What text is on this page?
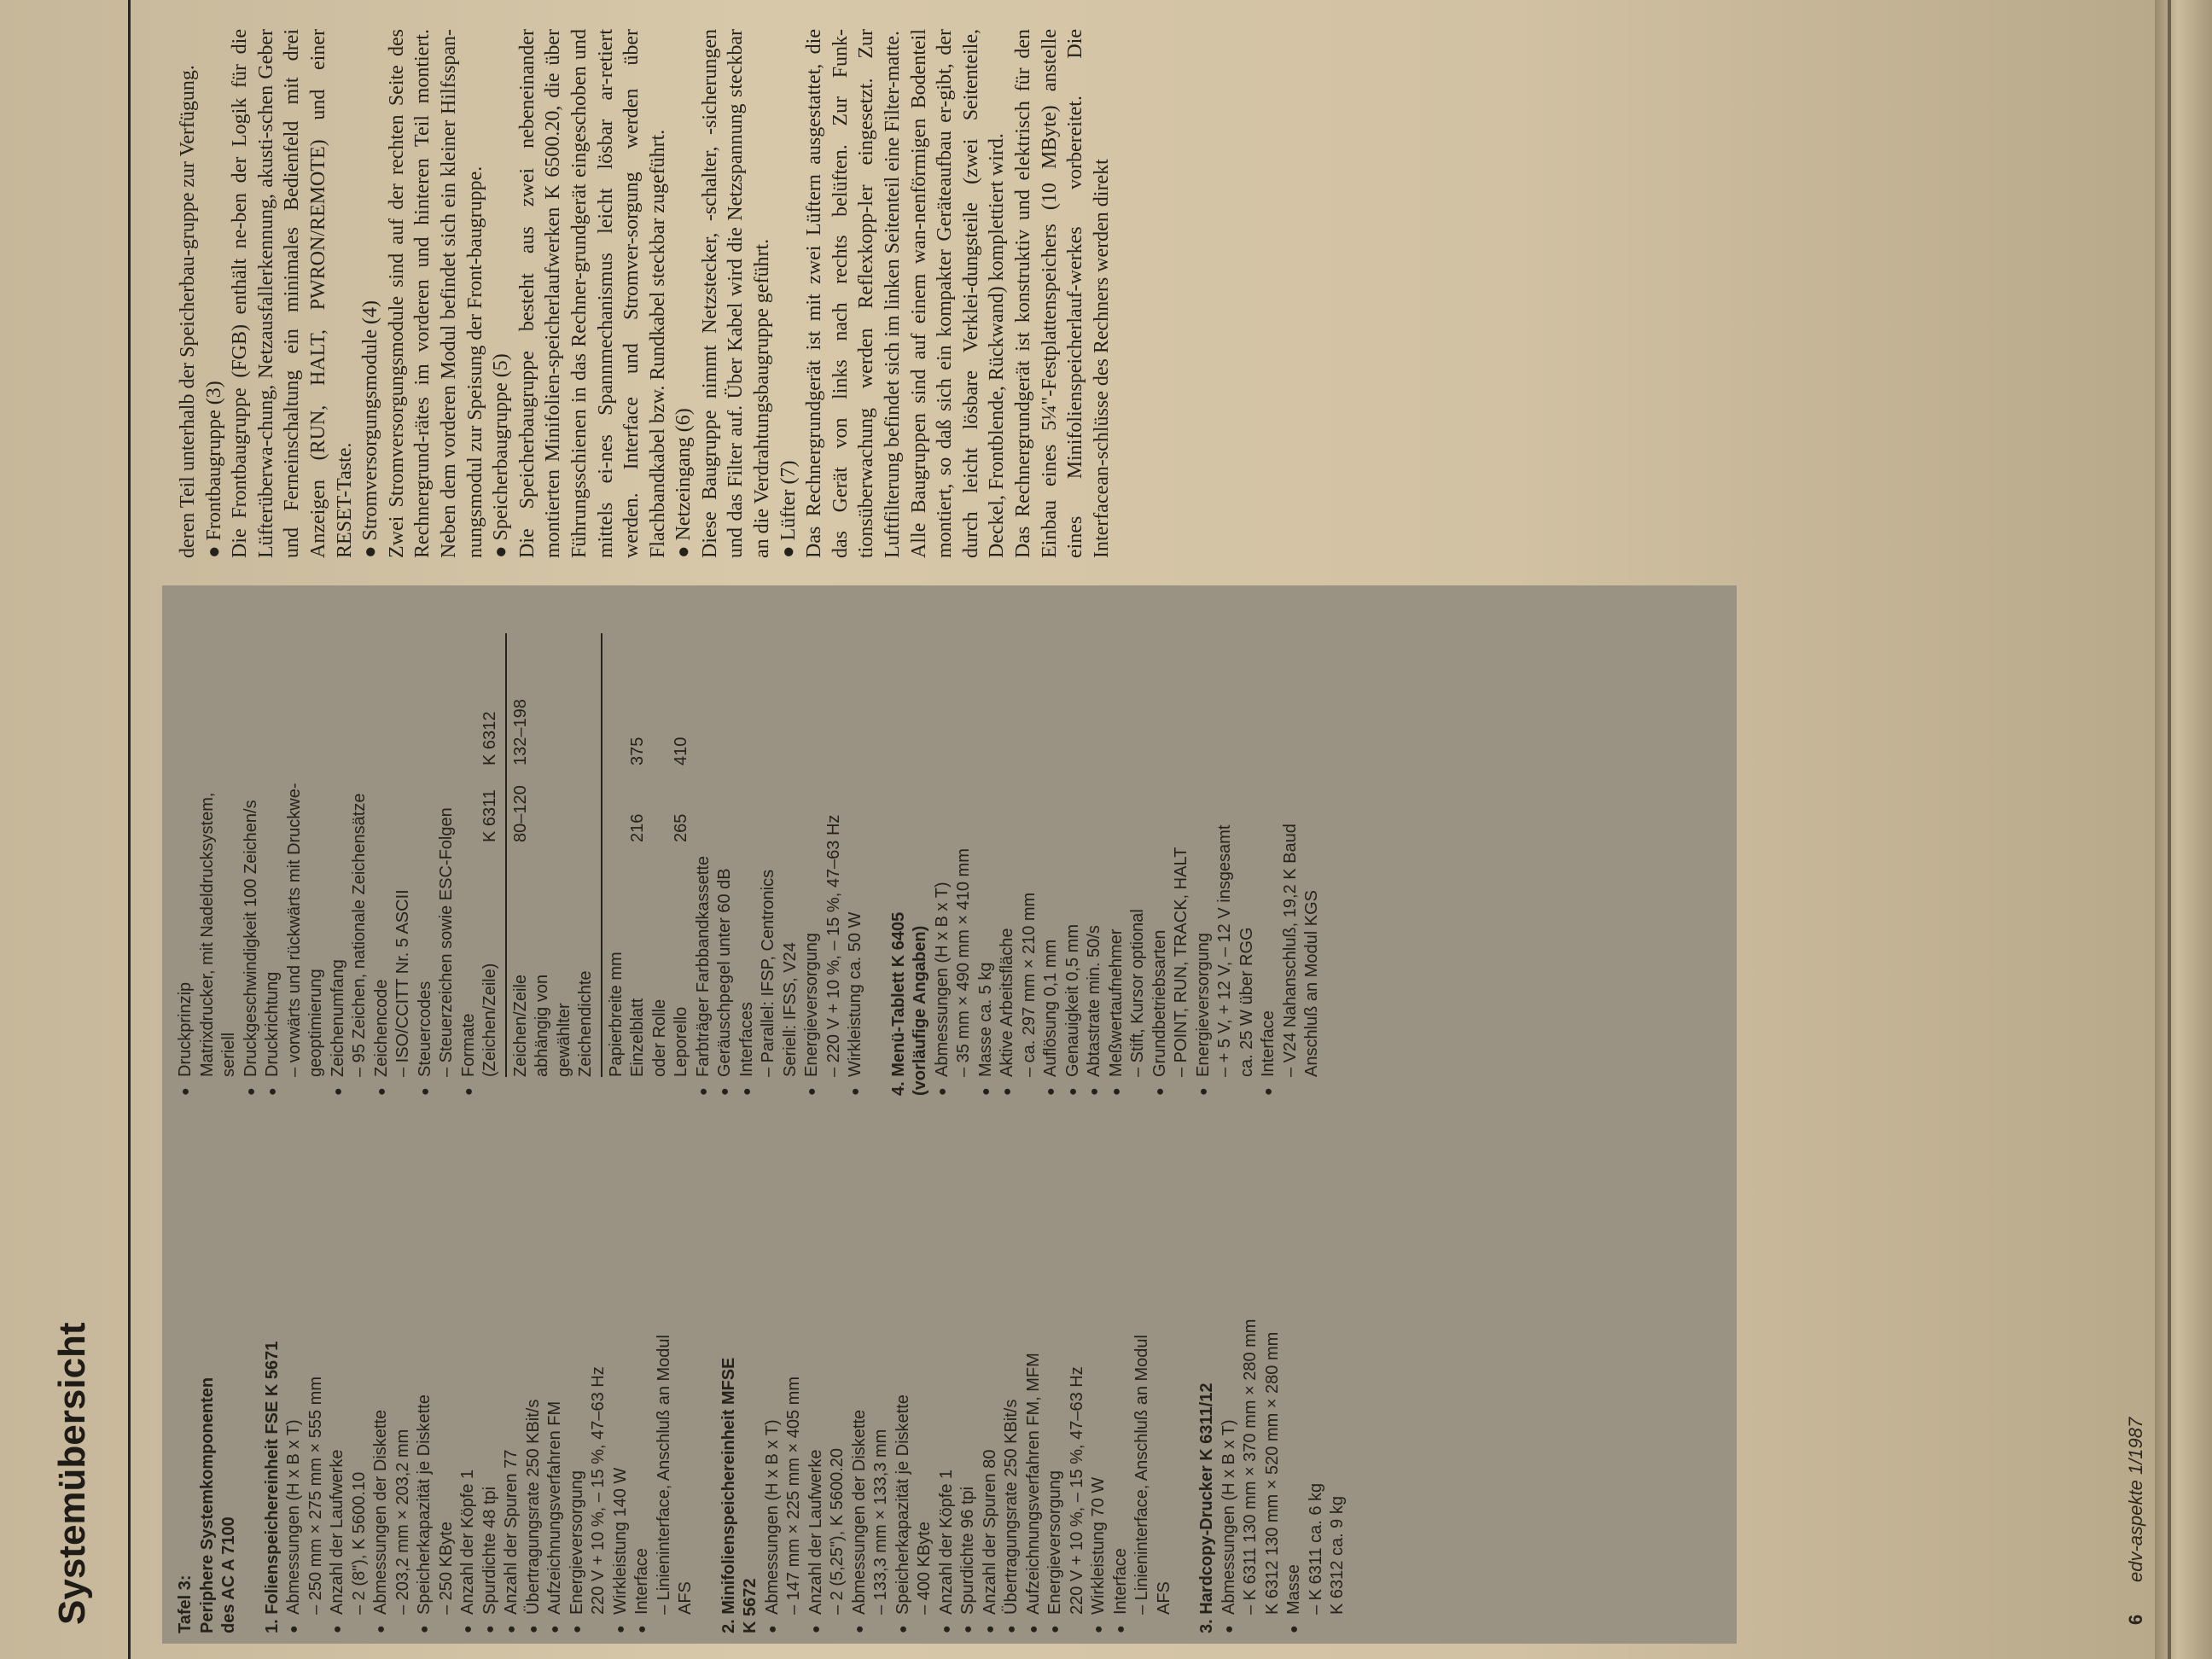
Systemübersicht	Tafel 3: Periphere Systemkomponenten des AC A 7100 1. Folienspeichereinheit FSE K 5671 ● Abmessungen (H x B x T) – 250 mm × 275 mm × 555 mm ● Anzahl der Laufwerke – 2 (8"), K 5600.10 ● Abmessungen der Diskette – 203,2 mm × 203,2 mm ● Speicherkapazität je Diskette – 250 KByte ● Anzahl der Köpfe 1 ● Spurdichte 48 tpi ● Anzahl der Spuren 77 ● Übertragungsrate 250 KBit/s ● Aufzeichnungsverfahren FM ● Energieversorgung 220 V + 10 %, – 15 %, 47–63 Hz ● Wirkleistung 140 W ● Interface – Linieninterface, Anschluß an Modul AFS 2. Minifolienspeichereinheit MFSE K 5672 ● Abmessungen (H x B x T) – 147 mm × 225 mm × 405 mm ● Anzahl der Laufwerke – 2 (5,25"), K 5600.20 ● Abmessungen der Diskette – 133,3 mm × 133,3 mm ● Speicherkapazität je Diskette – 400 KByte ● Anzahl der Köpfe 1 ● Spurdichte 96 tpi ● Anzahl der Spuren 80 ● Übertragungsrate 250 KBit/s ● Aufzeichnungsverfahren FM, MFM ● Energieversorgung 220 V + 10 %, – 15 %, 47–63 Hz ● Wirkleistung 70 W ● Interface – Linieninterface, Anschluß an Modul AFS 3. Hardcopy-Drucker K 6311/12 ● Abmessungen (H x B x T) – K 6311 130 mm × 370 mm × 280 mm K 6312 130 mm × 520 mm × 280 mm ● Masse – K 6311 ca. 6 kg K 6312 ca. 9 kg
● Druckprinzip Matrixdrucker, mit Nadeldrucksystem, seriell ● Druckgeschwindigkeit 100 Zeichen/s ● Druckrichtung – vorwärts und rückwärts mit Druckwe- geoptimierung ● Zeichenumfang – 95 Zeichen, nationale Zeichensätze ● Zeichencode – ISO/CCITT Nr. 5 ASCII ● Steuercodes – Steuerzeichen sowie ESC-Folgen ● Formate (Zeichen/Zeile)
K 6311
K 6312
Zeichen/Zeile
80–120
132–198
abhängig von gewählter Zeichendichte Papierbreite mm Einzelblatt
216
375
oder Rolle Leporello
265
410
● Farbträger Farbbandkassette ● Geräuschpegel unter 60 dB ● Interfaces – Parallel: IFSP, Centronics Seriell: IFSS, V24 ● Energieversorgung – 220 V + 10 %, – 15 %, 47–63 Hz ● Wirkleistung ca. 50 W 4. Menü-Tablett K 6405 (vorläufige Angaben) ● Abmessungen (H x B x T) – 35 mm × 490 mm × 410 mm ● Masse ca. 5 kg ● Aktive Arbeitsfläche – ca. 297 mm × 210 mm ● Auflösung 0,1 mm ● Genauigkeit 0,5 mm ● Abtastrate min. 50/s ● Meßwertaufnehmer – Stift, Kursor optional ● Grundbetriebsarten – POINT, RUN, TRACK, HALT ● Energieversorgung – + 5 V, + 12 V, – 12 V insgesamt ca. 25 W über RGG ● Interface – V24 Nahanschluß, 19,2 K Baud Anschluß an Modul KGS
deren Teil unterhalb der Speicherbau-gruppe zur Verfügung. ● Frontbaugruppe (3) Die Frontbaugruppe (FGB) enthält ne-ben der Logik für die Lüfterüberwa-chung, Netzausfallerkennung, akusti-schen Geber und Ferneinschaltung ein minimales Bedienfeld mit drei Anzeigen (RUN, HALT, PWRON/REMOTE) und einer RESET-Taste. ● Stromversorgungsmodule (4) Zwei Stromversorgungsmodule sind auf der rechten Seite des Rechnergrund-rätes im vorderen und hinteren Teil montiert. Neben dem vorderen Modul befindet sich ein kleiner Hilfsspan-nungsmodul zur Speisung der Front-baugruppe. ● Speicherbaugruppe (5) Die Speicherbaugruppe besteht aus zwei nebeneinander montierten Minifolien-speicherlaufwerken K 6500.20, die über Führungsschienen in das Rechner-grundgerät eingeschoben und mittels ei-nes Spannmechanismus leicht lösbar ar-retiert werden. Interface und Stromver-sorgung werden über Flachbandkabel bzw. Rundkabel steckbar zugeführt. ● Netzeingang (6) Diese Baugruppe nimmt Netzstecker, -schalter, -sicherungen und das Filter auf. Über Kabel wird die Netzspannung steckbar an die Verdrahtungsbaugruppe geführt. ● Lüfter (7) Das Rechnergrundgerät ist mit zwei Lüftern ausgestattet, die das Gerät von links nach rechts belüften. Zur Funk-tionsüberwachung werden Reflexkopp-ler eingesetzt. Zur Luftfilterung befindet sich im linken Seitenteil eine Filter-matte. Alle Baugruppen sind auf einem wan-nenförmigen Bodenteil montiert, so daß sich ein kompakter Geräteaufbau er-gibt, der durch leicht lösbare Verklei-dungsteile (zwei Seitenteile, Deckel, Frontblende, Rückwand) komplettiert wird. Das Rechnergrundgerät ist konstruktiv und elektrisch für den Einbau eines 5¼"-Festplattenspeichers (10 MByte) anstelle eines Minifolienspeicherlauf-werkes vorbereitet. Die Interfacean-schlüsse des Rechners werden direkt
6
edv-aspekte 1/1987
